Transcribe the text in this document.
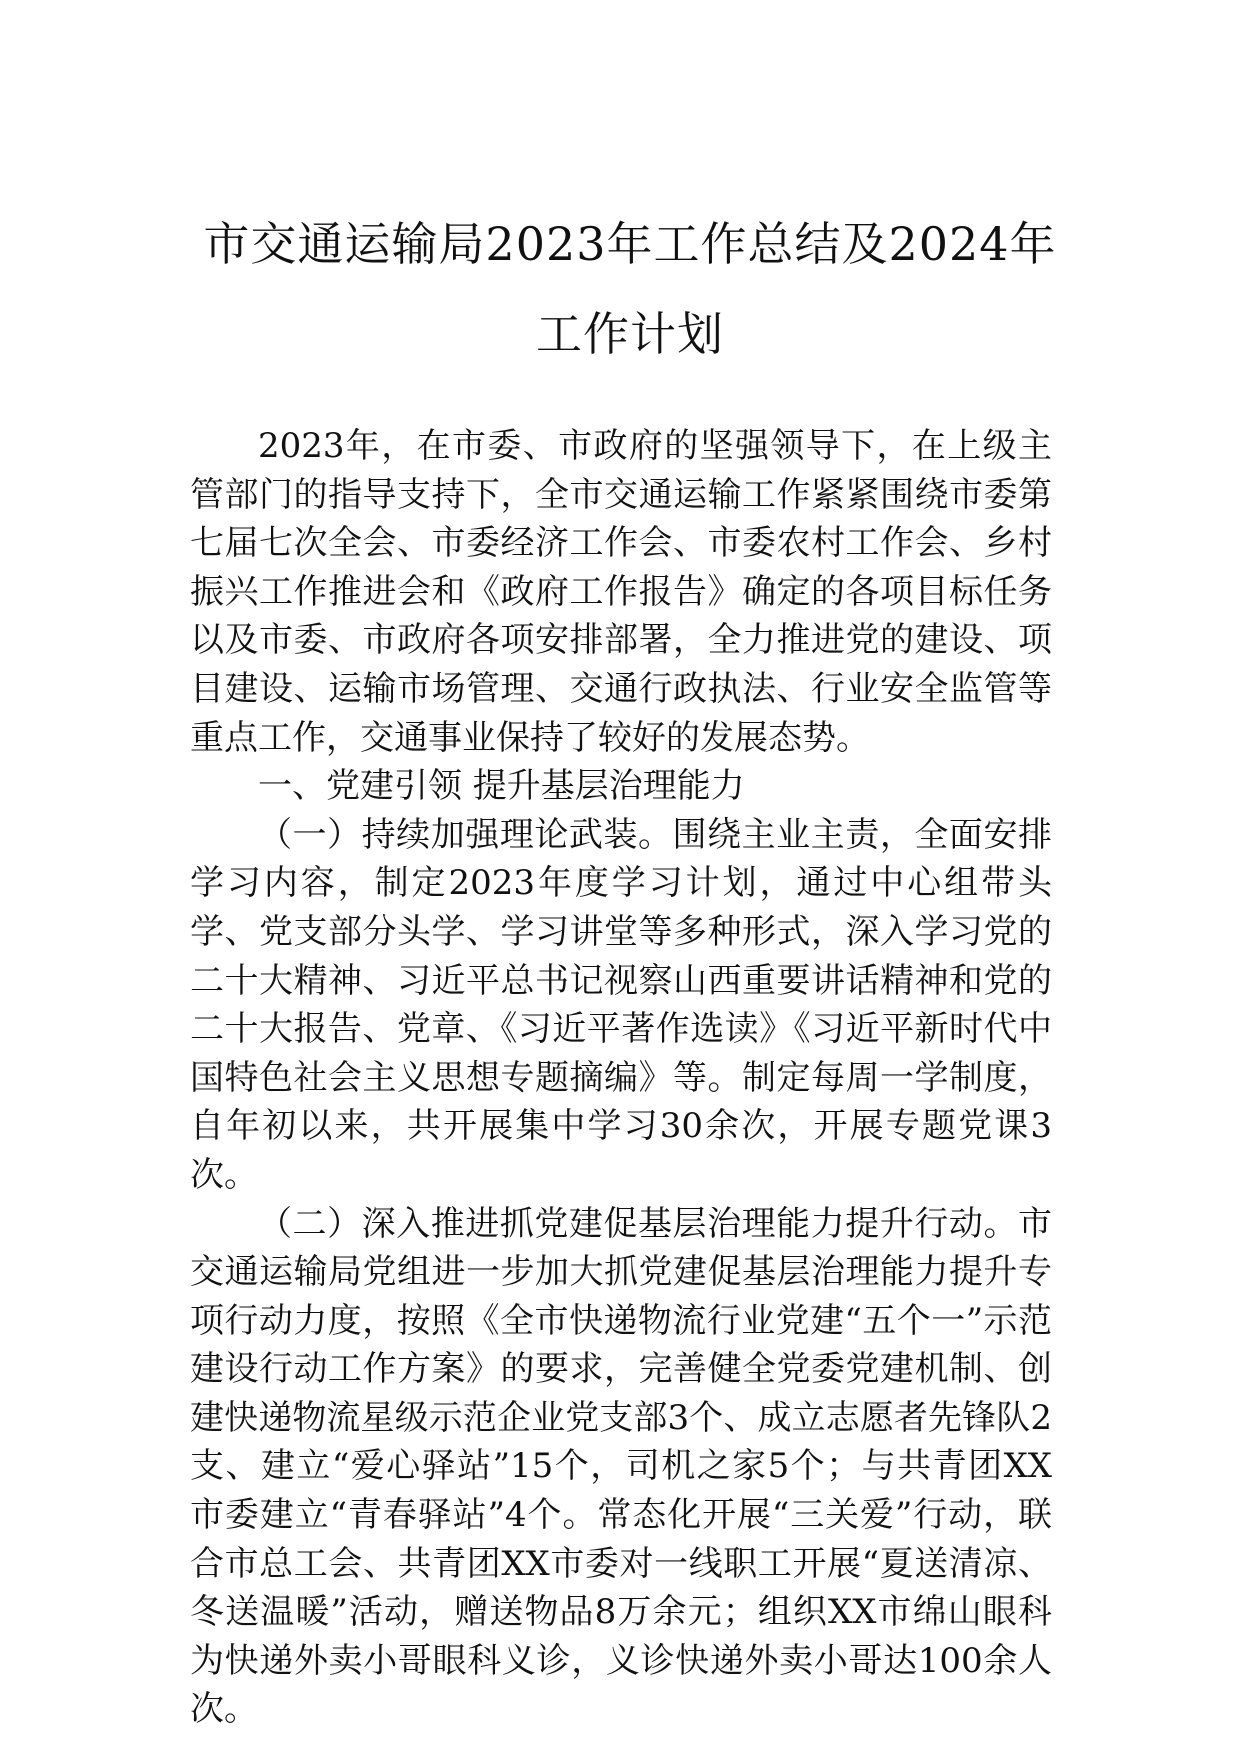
市交通运输局2023年工作总结及2024年
工作计划

2023年，在市委、市政府的坚强领导下，在上级主管部门的指导支持下，全市交通运输工作紧紧围绕市委第七届七次全会、市委经济工作会、市委农村工作会、乡村振兴工作推进会和《政府工作报告》确定的各项目标任务以及市委、市政府各项安排部署，全力推进党的建设、项目建设、运输市场管理、交通行政执法、行业安全监管等重点工作，交通事业保持了较好的发展态势。

一、党建引领 提升基层治理能力

（一）持续加强理论武装。围绕主业主责，全面安排学习内容，制定2023年度学习计划，通过中心组带头学、党支部分头学、学习讲堂等多种形式，深入学习党的二十大精神、习近平总书记视察山西重要讲话精神和党的二十大报告、党章、《习近平著作选读》《习近平新时代中国特色社会主义思想专题摘编》等。制定每周一学制度，自年初以来，共开展集中学习30余次，开展专题党课3次。

（二）深入推进抓党建促基层治理能力提升行动。市交通运输局党组进一步加大抓党建促基层治理能力提升专项行动力度，按照《全市快递物流行业党建“五个一”示范建设行动工作方案》的要求，完善健全党委党建机制、创建快递物流星级示范企业党支部3个、成立志愿者先锋队2支、建立“爱心驿站”15个，司机之家5个；与共青团XX市委建立“青春驿站”4个。常态化开展“三关爱”行动，联合市总工会、共青团XX市委对一线职工开展“夏送清凉、冬送温暖”活动，赠送物品8万余元；组织XX市绵山眼科为快递外卖小哥眼科义诊，义诊快递外卖小哥达100余人次。
